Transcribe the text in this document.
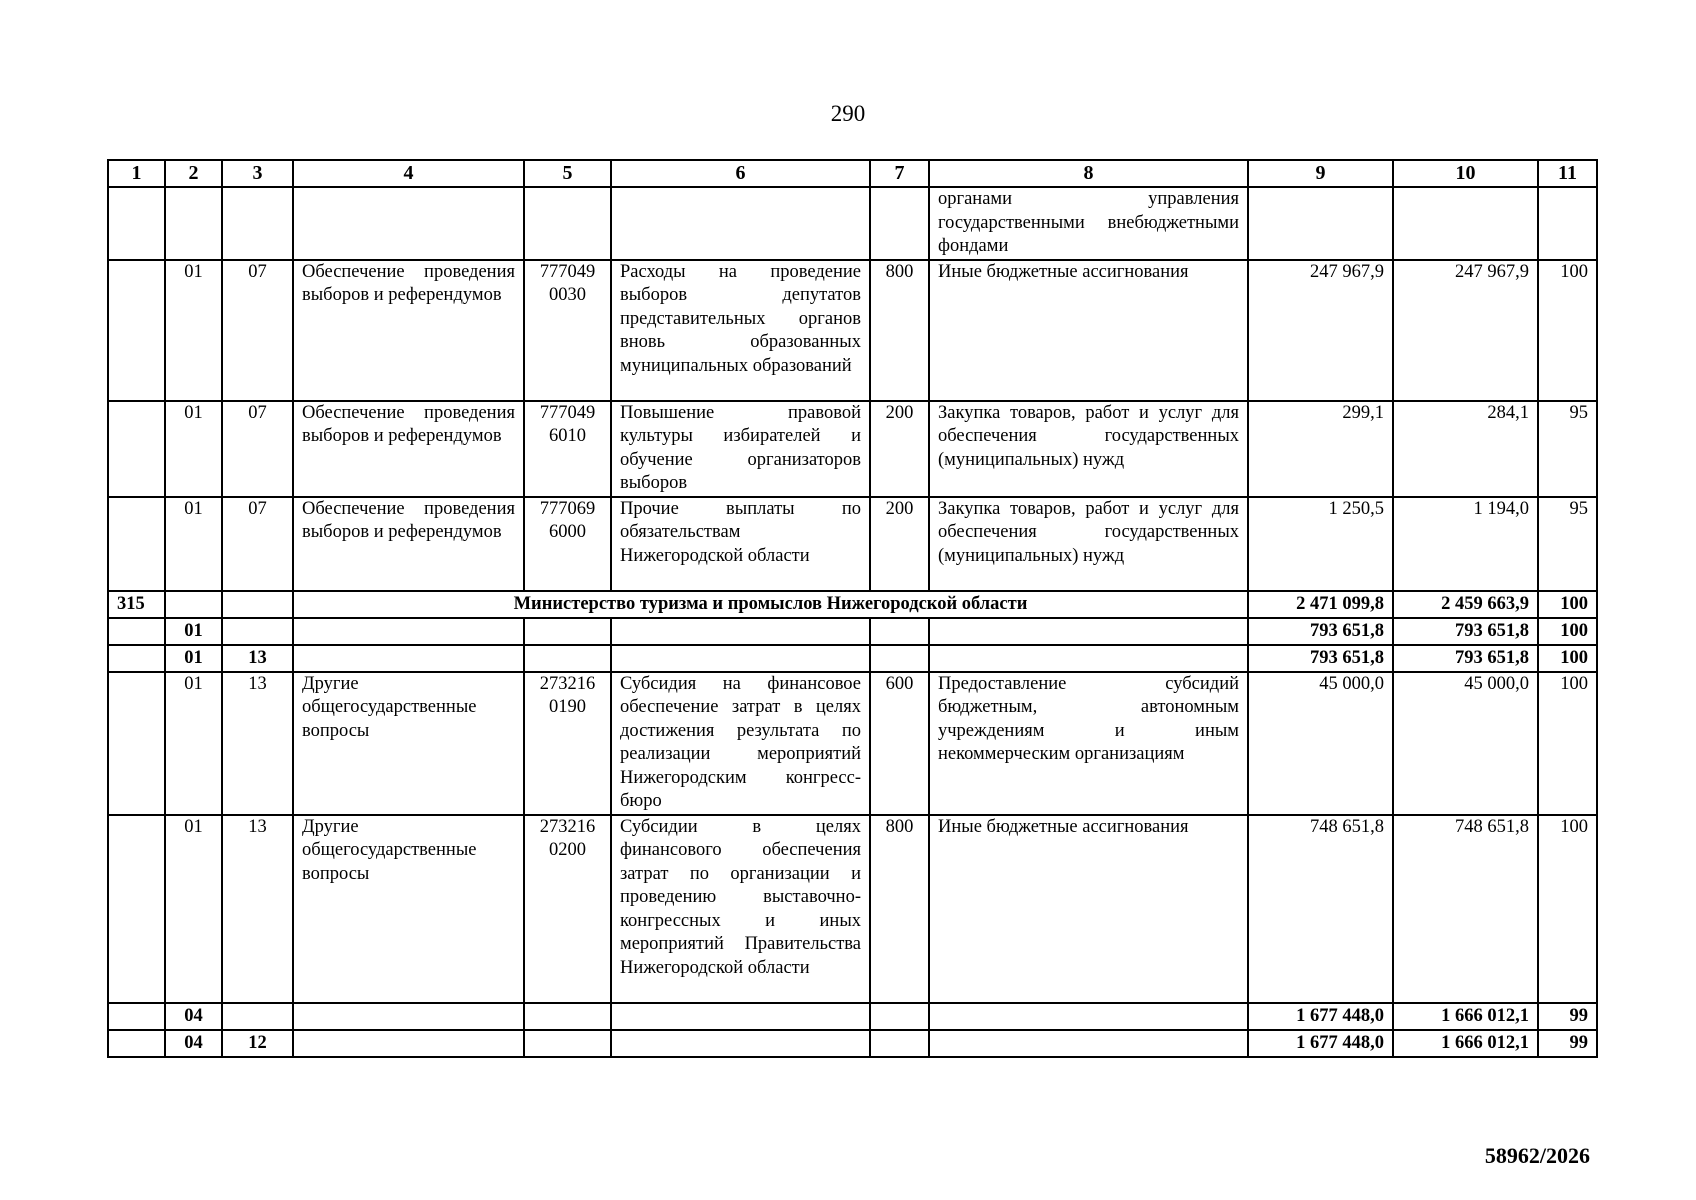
290
1	2	3	4	5	6	7	8	9	10	11
							органами управления государственными внебюджетными фондами			
	01	07	Обеспечение проведения выборов и референдумов	777049 0030	Расходы на проведение выборов депутатов представительных органов вновь образованных муниципальных образований	800	Иные бюджетные ассигнования	247 967,9	247 967,9	100
	01	07	Обеспечение проведения выборов и референдумов	777049 6010	Повышение правовой культуры избирателей и обучение организаторов выборов	200	Закупка товаров, работ и услуг для обеспечения государственных (муниципальных) нужд	299,1	284,1	95
	01	07	Обеспечение проведения выборов и референдумов	777069 6000	Прочие выплаты по обязательствам Нижегородской области	200	Закупка товаров, работ и услуг для обеспечения государственных (муниципальных) нужд	1 250,5	1 194,0	95
315			Министерство туризма и промыслов Нижегородской области					2 471 099,8	2 459 663,9	100
	01							793 651,8	793 651,8	100
	01	13						793 651,8	793 651,8	100
	01	13	Другие общегосударственные вопросы	273216 0190	Субсидия на финансовое обеспечение затрат в целях достижения результата по реализации мероприятий Нижегородским конгресс-бюро	600	Предоставление субсидий бюджетным, автономным учреждениям и иным некоммерческим организациям	45 000,0	45 000,0	100
	01	13	Другие общегосударственные вопросы	273216 0200	Субсидии в целях финансового обеспечения затрат по организации и проведению выставочно-конгрессных и иных мероприятий Правительства Нижегородской области	800	Иные бюджетные ассигнования	748 651,8	748 651,8	100
	04							1 677 448,0	1 666 012,1	99
	04	12						1 677 448,0	1 666 012,1	99
58962/2026
